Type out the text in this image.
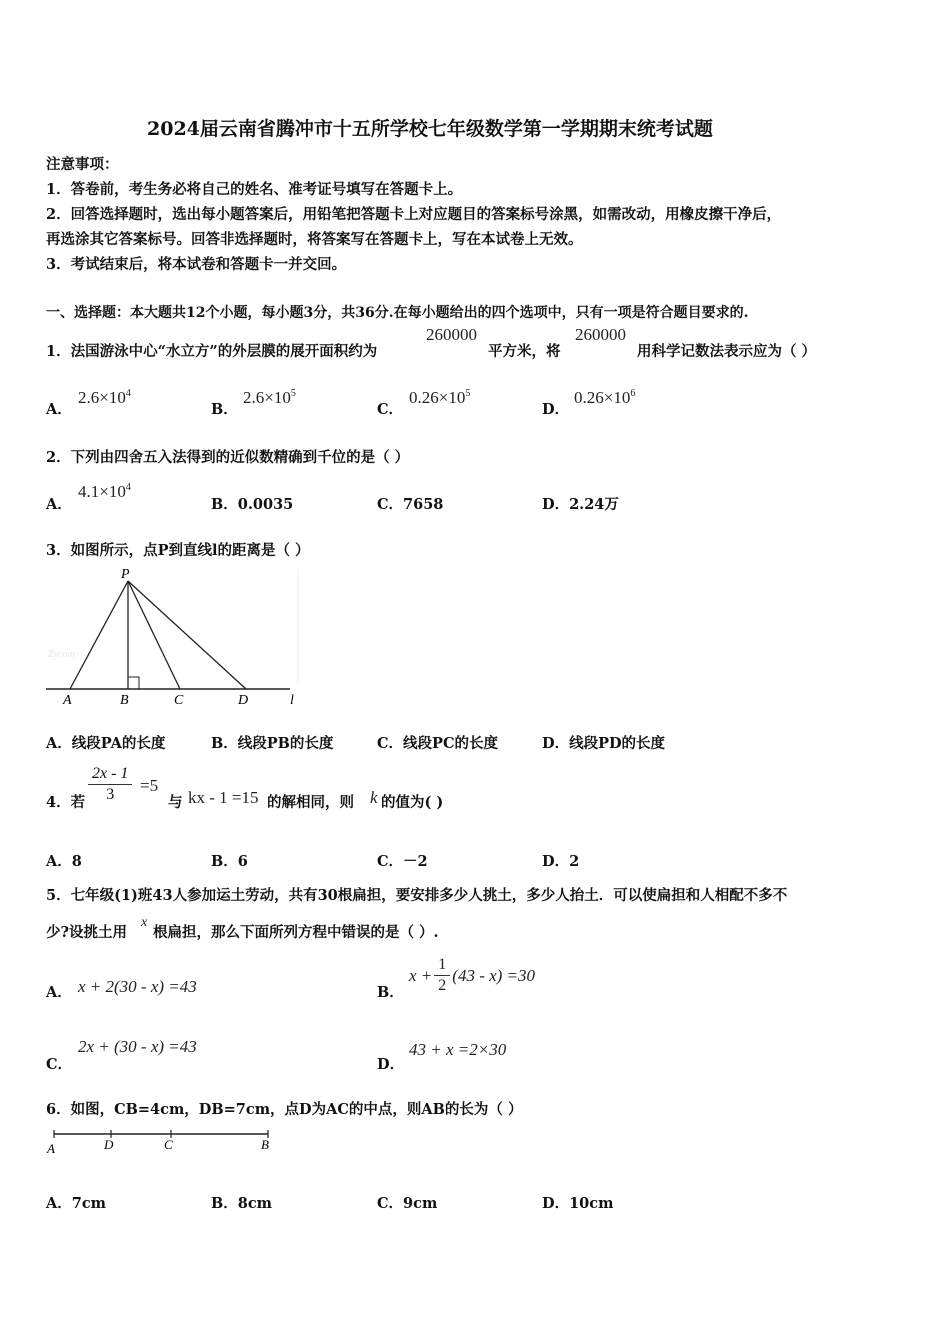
2024届云南省腾冲市十五所学校七年级数学第一学期期末统考试题
注意事项：
1．答卷前，考生务必将自己的姓名、准考证号填写在答题卡上。
2．回答选择题时，选出每小题答案后，用铅笔把答题卡上对应题目的答案标号涂黑，如需改动，用橡皮擦干净后，
再选涂其它答案标号。回答非选择题时，将答案写在答题卡上，写在本试卷上无效。
3．考试结束后，将本试卷和答题卡一并交回。
一、选择题：本大题共12个小题，每小题3分，共36分.在每小题给出的四个选项中，只有一项是符合题目要求的.
1．法国游泳中心“水立方”的外层膜的展开面积约为
260000
平方米，将
260000
用科学记数法表示应为（ ）
A．
$2.6\times 10^4$
B．
$2.6\times 10^5$
C．
$0.26\times 10^5$
D．
$0.26\times 10^6$
2．下列由四舍五入法得到的近似数精确到千位的是（ ）
A．
$4.1\times 10^4$
B．0.0035	C．7658	D．2.24万
3．如图所示，点P到直线l的距离是（ ）
Zycom
P
A	B	C	D	l
A．线段PA的长度	B．线段PB的长度	C．线段PC的长度	D．线段PD的长度
4．若 $\frac{2x - 1}{3} =5$
与 kx - 1 =15 的解相同，则 k 的值为( )
A．8	B．6	C．－2	D．2
5．七年级(1)班43人参加运土劳动，共有30根扁担，要安排多少人挑土，多少人抬土．可以使扁担和人相配不多不
少?设挑土用
x
根扁担，那么下面所列方程中错误的是（ ）.
A． x + 2(30 - x) =43	B．
$x + \frac{1}{2} (43 - x) =30$
C．
2x + (30 - x) =43
D．
43 + x =2×30
6．如图，CB=4cm，DB=7cm，点D为AC的中点，则AB的长为（ ）
A	D	C	B
A．7cm	B．8cm	C．9cm	D．10cm
